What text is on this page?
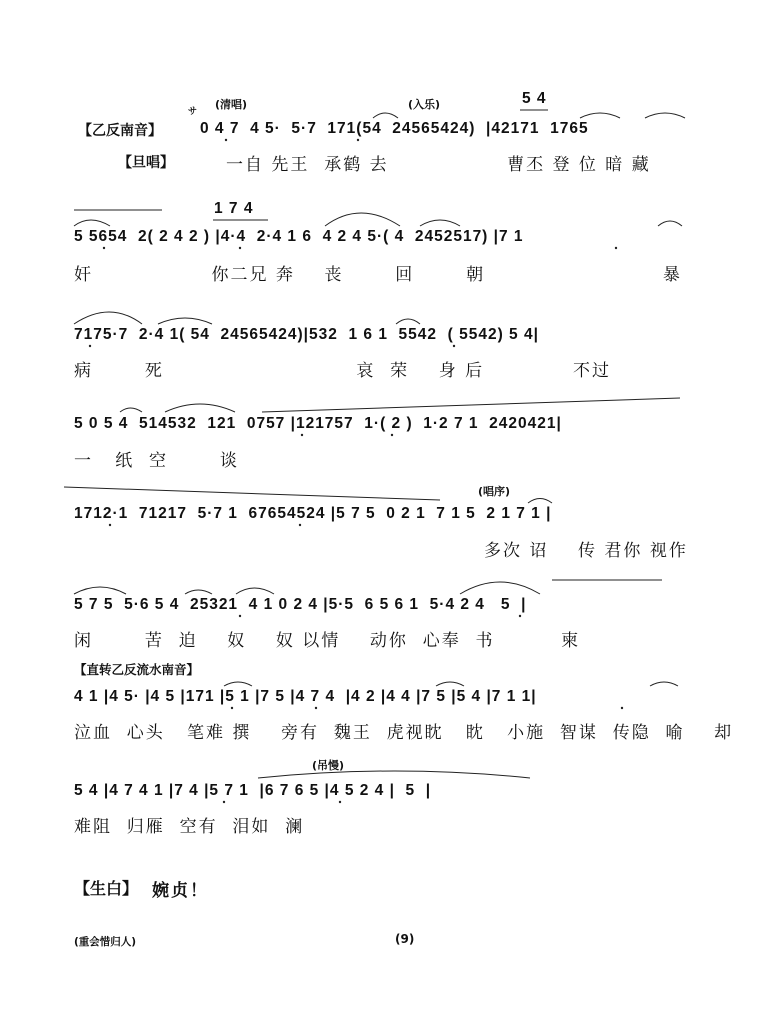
(清唱)	(入乐)
サ
5 4
1 7 4
(唱序)
(吊慢)
【乙反南音】 0 4 7  4 5·  5·7  171(54  24565424)  |42171  1765
【旦唱】	一自 先王  承鹤 去                曹丕 登 位 暗 藏
5 5654  2( 2 4 2 ) |4·4  2·4 1 6  4 2 4 5·( 4  2452517) |7 1
奸                你二兄 奔    丧       回       朝                        暴
7175·7  2·4 1( 54  24565424)|532  1 6 1  5542  ( 5542) 5 4|
病       死                          哀  荣    身 后            不过
5 0 5 4  514532  121  0757 |121757  1·( 2 )  1·2 7 1  2420421|
一   纸  空       谈
1712·1  71217  5·7 1  67654524 |5 7 5  0 2 1  7 1 5  2 1 7 1 |
多次 诏    传 君你 视作
5 7 5  5·6 5 4  25321  4 1 0 2 4 |5·5  6 5 6 1  5·4 2 4   5  |
闲       苦  迫    奴    奴 以情    动你  心奉  书         柬
【直转乙反流水南音】
4 1 |4 5· |4 5 |171 |5 1 |7 5 |4 7 4  |4 2 |4 4 |7 5 |5 4 |7 1 1|
泣血  心头   笔难 撰    旁有  魏王  虎视眈   眈   小施  智谋  传隐  喻    却
5 4 |4 7 4 1 |7 4 |5 7 1  |6 7 6 5 |4 5 2 4 |  5  |
难阻  归雁  空有  泪如  澜
【生白】 婉贞！
(重会惜归人)	(9)
